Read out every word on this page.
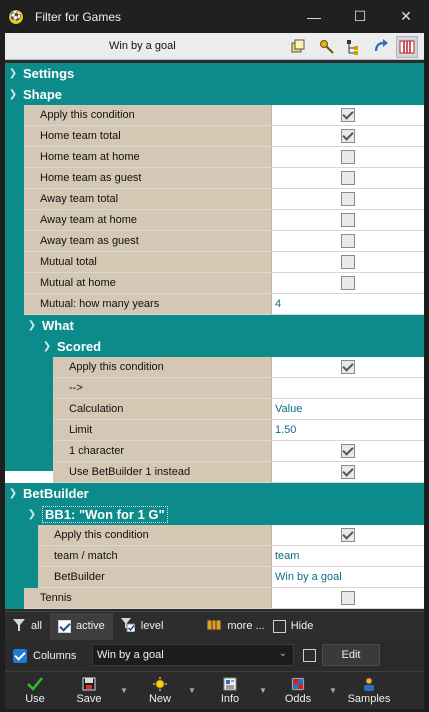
⚽ Filter for Games	—	☐	✕
Win by a goal
❯ Settings
❯ Shape
Apply this condition
Home team total
Home team at home
Home team as guest
Away team total
Away team at home
Away team as guest
Mutual total
Mutual at home
Mutual: how many years	4
❯ What
❯ Scored
Apply this condition
-->
Calculation	Value
Limit	1.50
1 character
Use BetBuilder 1 instead
❯ BetBuilder
❯ BB1: "Won for 1 G"
Apply this condition
team / match	team
BetBuilder	Win by a goal
Tennis
all	active	level	more ... Hide
Columns Win by a goal	⌄	Edit
Use	Save
▼
New
▼
Info
▼
Odds
▼
Samples
